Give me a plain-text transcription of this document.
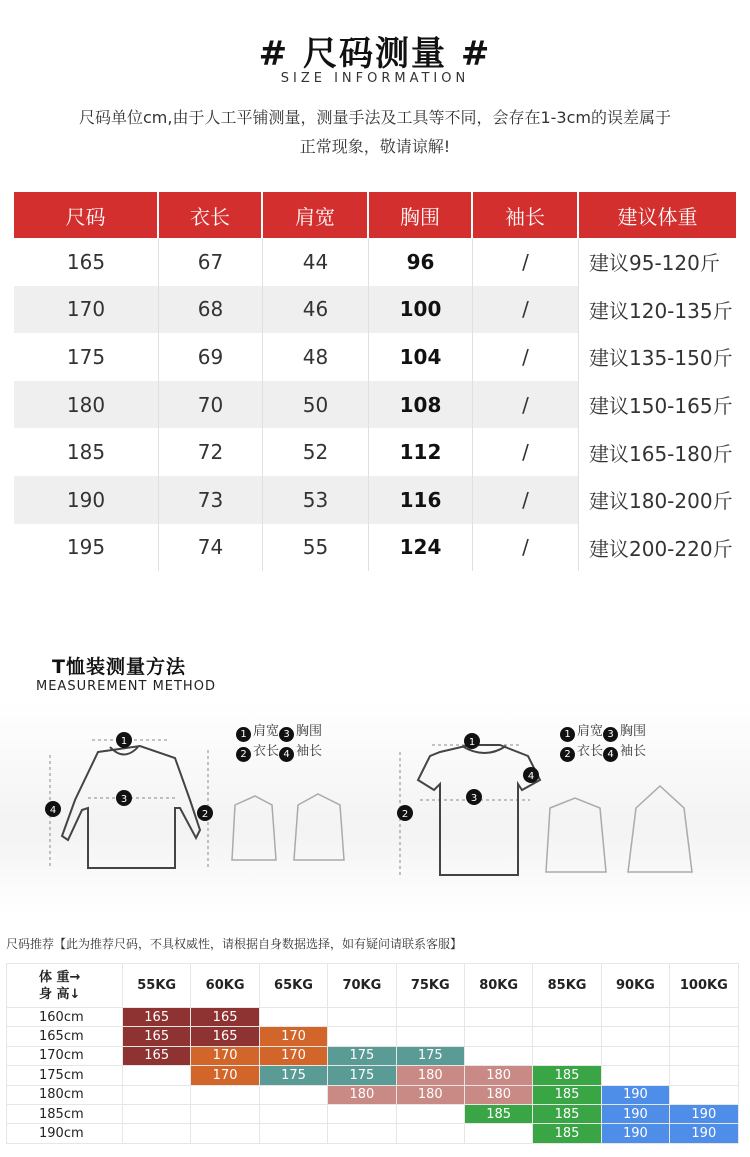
# 尺码测量 #
SIZE INFORMATION
尺码单位cm,由于人工平铺测量，测量手法及工具等不同，会存在1-3cm的误差属于
正常现象，敬请谅解!
尺码	衣长	肩宽	胸围	袖长	建议体重
165	67	44	96	/	建议95-120斤
170	68	46	100	/	建议120-135斤
175	69	48	104	/	建议135-150斤
180	70	50	108	/	建议150-165斤
185	72	52	112	/	建议165-180斤
190	73	53	116	/	建议180-200斤
195	74	55	124	/	建议200-220斤
1
3
2
4
1
3
2
4
1 肩宽 3 胸围
2 衣长 4 袖长
1 肩宽 3 胸围
2 衣长 4 袖长
T恤装测量方法
MEASUREMENT METHOD
尺码推荐【此为推荐尺码，不具权威性，请根据自身数据选择，如有疑问请联系客服】
体 重→
身 高↓	55KG	60KG	65KG	70KG	75KG	80KG	85KG	90KG	100KG
160cm	165	165							
165cm	165	165	170						
170cm	165	170	170	175	175				
175cm		170	175	175	180	180	185		
180cm				180	180	180	185	190	
185cm						185	185	190	190
190cm							185	190	190
